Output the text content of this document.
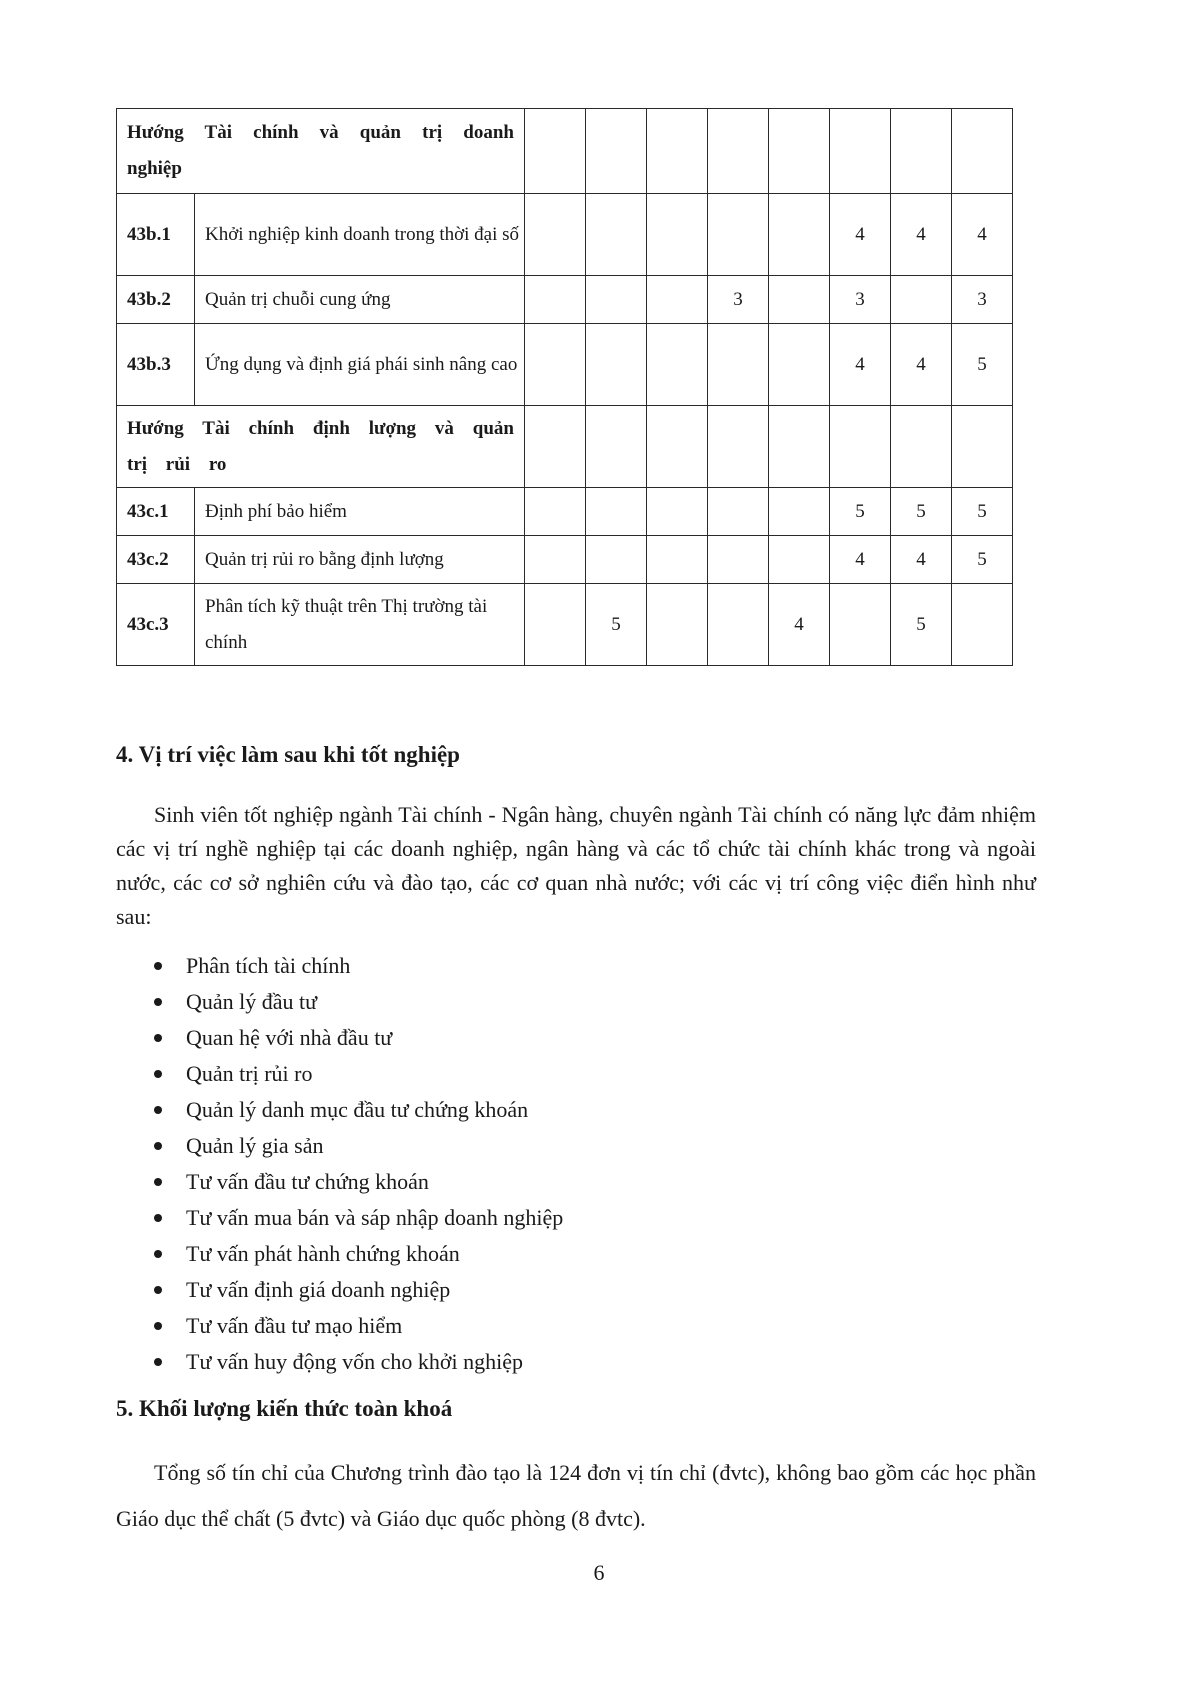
Hướng Tài chính và quản trị doanh nghiệp									
43b.1	Khởi nghiệp kinh doanh trong thời đại số						4	4	4
43b.2	Quản trị chuỗi cung ứng				3		3		3
43b.3	Ứng dụng và định giá phái sinh nâng cao						4	4	5
Hướng Tài chính định lượng và quản trị rủi ro									
43c.1	Định phí bảo hiểm						5	5	5
43c.2	Quản trị rủi ro bằng định lượng						4	4	5
43c.3	Phân tích kỹ thuật trên Thị trường tài chính		5			4		5	
4. Vị trí việc làm sau khi tốt nghiệp

Sinh viên tốt nghiệp ngành Tài chính - Ngân hàng, chuyên ngành Tài chính có năng lực đảm nhiệm các vị trí nghề nghiệp tại các doanh nghiệp, ngân hàng và các tổ chức tài chính khác trong và ngoài nước, các cơ sở nghiên cứu và đào tạo, các cơ quan nhà nước; với các vị trí công việc điển hình như sau:

Phân tích tài chính
Quản lý đầu tư
Quan hệ với nhà đầu tư
Quản trị rủi ro
Quản lý danh mục đầu tư chứng khoán
Quản lý gia sản
Tư vấn đầu tư chứng khoán
Tư vấn mua bán và sáp nhập doanh nghiệp
Tư vấn phát hành chứng khoán
Tư vấn định giá doanh nghiệp
Tư vấn đầu tư mạo hiểm
Tư vấn huy động vốn cho khởi nghiệp
5. Khối lượng kiến thức toàn khoá

Tổng số tín chỉ của Chương trình đào tạo là 124 đơn vị tín chỉ (đvtc), không bao gồm các học phần Giáo dục thể chất (5 đvtc) và Giáo dục quốc phòng (8 đvtc).

6
